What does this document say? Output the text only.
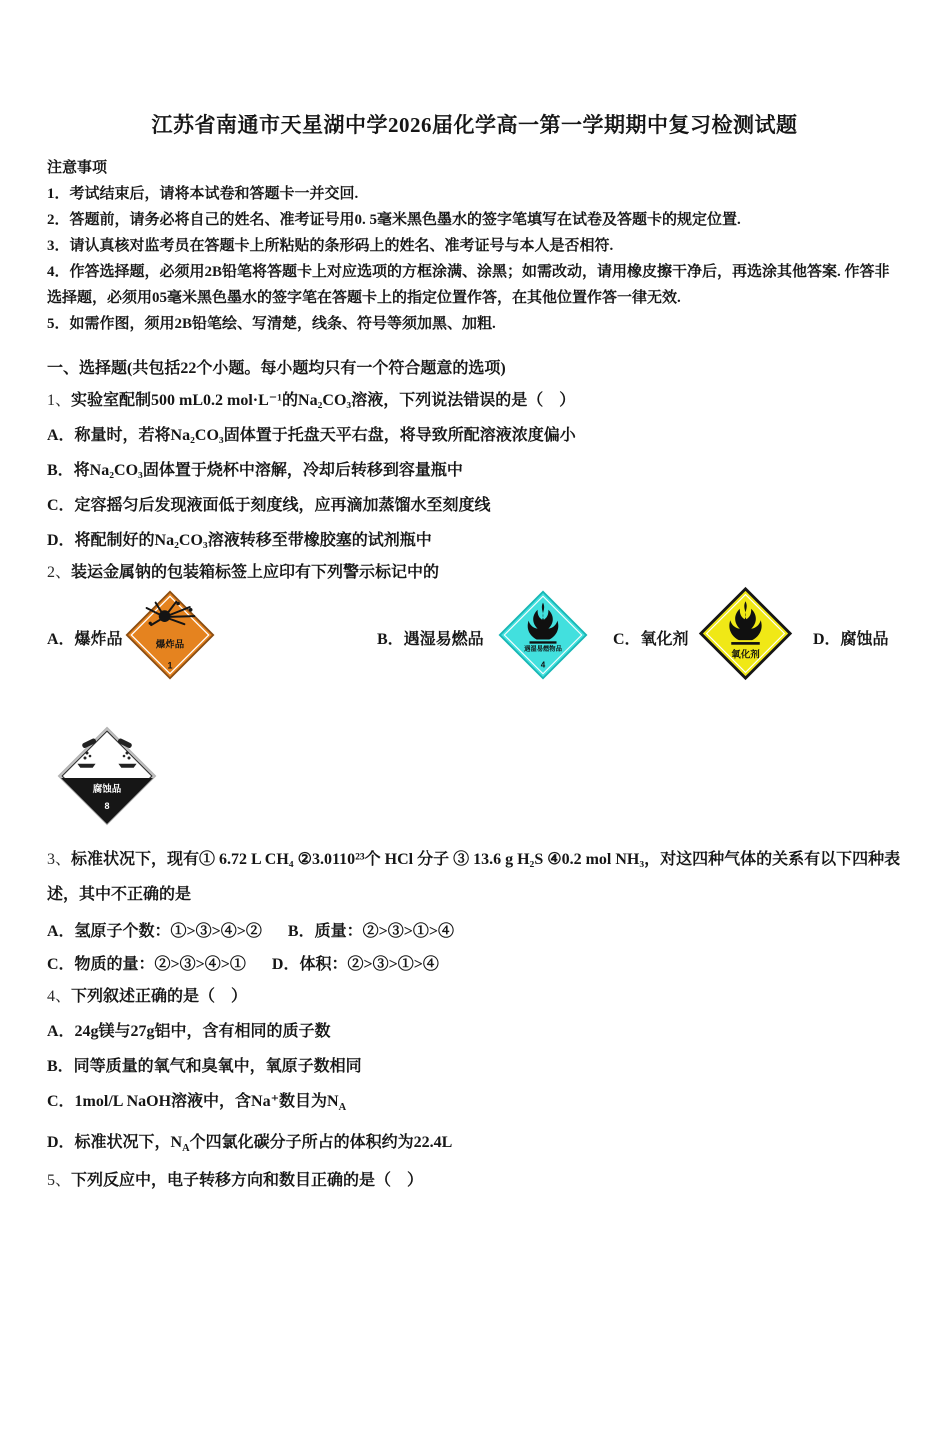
江苏省南通市天星湖中学2026届化学高一第一学期期中复习检测试题
注意事项

1．考试结束后，请将本试卷和答题卡一并交回.

2．答题前，请务必将自己的姓名、准考证号用0. 5毫米黑色墨水的签字笔填写在试卷及答题卡的规定位置.

3．请认真核对监考员在答题卡上所粘贴的条形码上的姓名、准考证号与本人是否相符.

4．作答选择题，必须用2B铅笔将答题卡上对应选项的方框涂满、涂黑；如需改动，请用橡皮擦干净后，再选涂其他答案. 作答非选择题，必须用05毫米黑色墨水的签字笔在答题卡上的指定位置作答，在其他位置作答一律无效.

5．如需作图，须用2B铅笔绘、写清楚，线条、符号等须加黑、加粗.

一、选择题(共包括22个小题。每小题均只有一个符合题意的选项)

1、实验室配制500 mL0.2 mol·L⁻¹的Na₂CO₃溶液，下列说法错误的是（　）

A．称量时，若将Na₂CO₃固体置于托盘天平右盘，将导致所配溶液浓度偏小

B．将Na₂CO₃固体置于烧杯中溶解，冷却后转移到容量瓶中

C．定容摇匀后发现液面低于刻度线，应再滴加蒸馏水至刻度线

D．将配制好的Na₂CO₃溶液转移至带橡胶塞的试剂瓶中

2、装运金属钠的包装箱标签上应印有下列警示标记中的

A．爆炸品	爆炸品
1
B．遇湿易燃品
遇湿易燃物品
4
C．氧化剂
氧化剂
D．腐蚀品
腐蚀品
8

3、标准状况下，现有① 6.72 L CH₄ ②3.0110²³个 HCl 分子 ③ 13.6 g H₂S ④0.2 mol NH₃，对这四种气体的关系有以下四种表述，其中不正确的是

A．氢原子个数：①>③>④>② B．质量：②>③>①>④
C．物质的量：②>③>④>① D．体积：②>③>①>④

4、下列叙述正确的是（　）

A．24g镁与27g铝中，含有相同的质子数

B．同等质量的氧气和臭氧中，氧原子数相同

C．1mol/L NaOH溶液中，含Na⁺数目为$N_A$

D．标准状况下，$N_A$个四氯化碳分子所占的体积约为22.4L

5、下列反应中，电子转移方向和数目正确的是（　）
